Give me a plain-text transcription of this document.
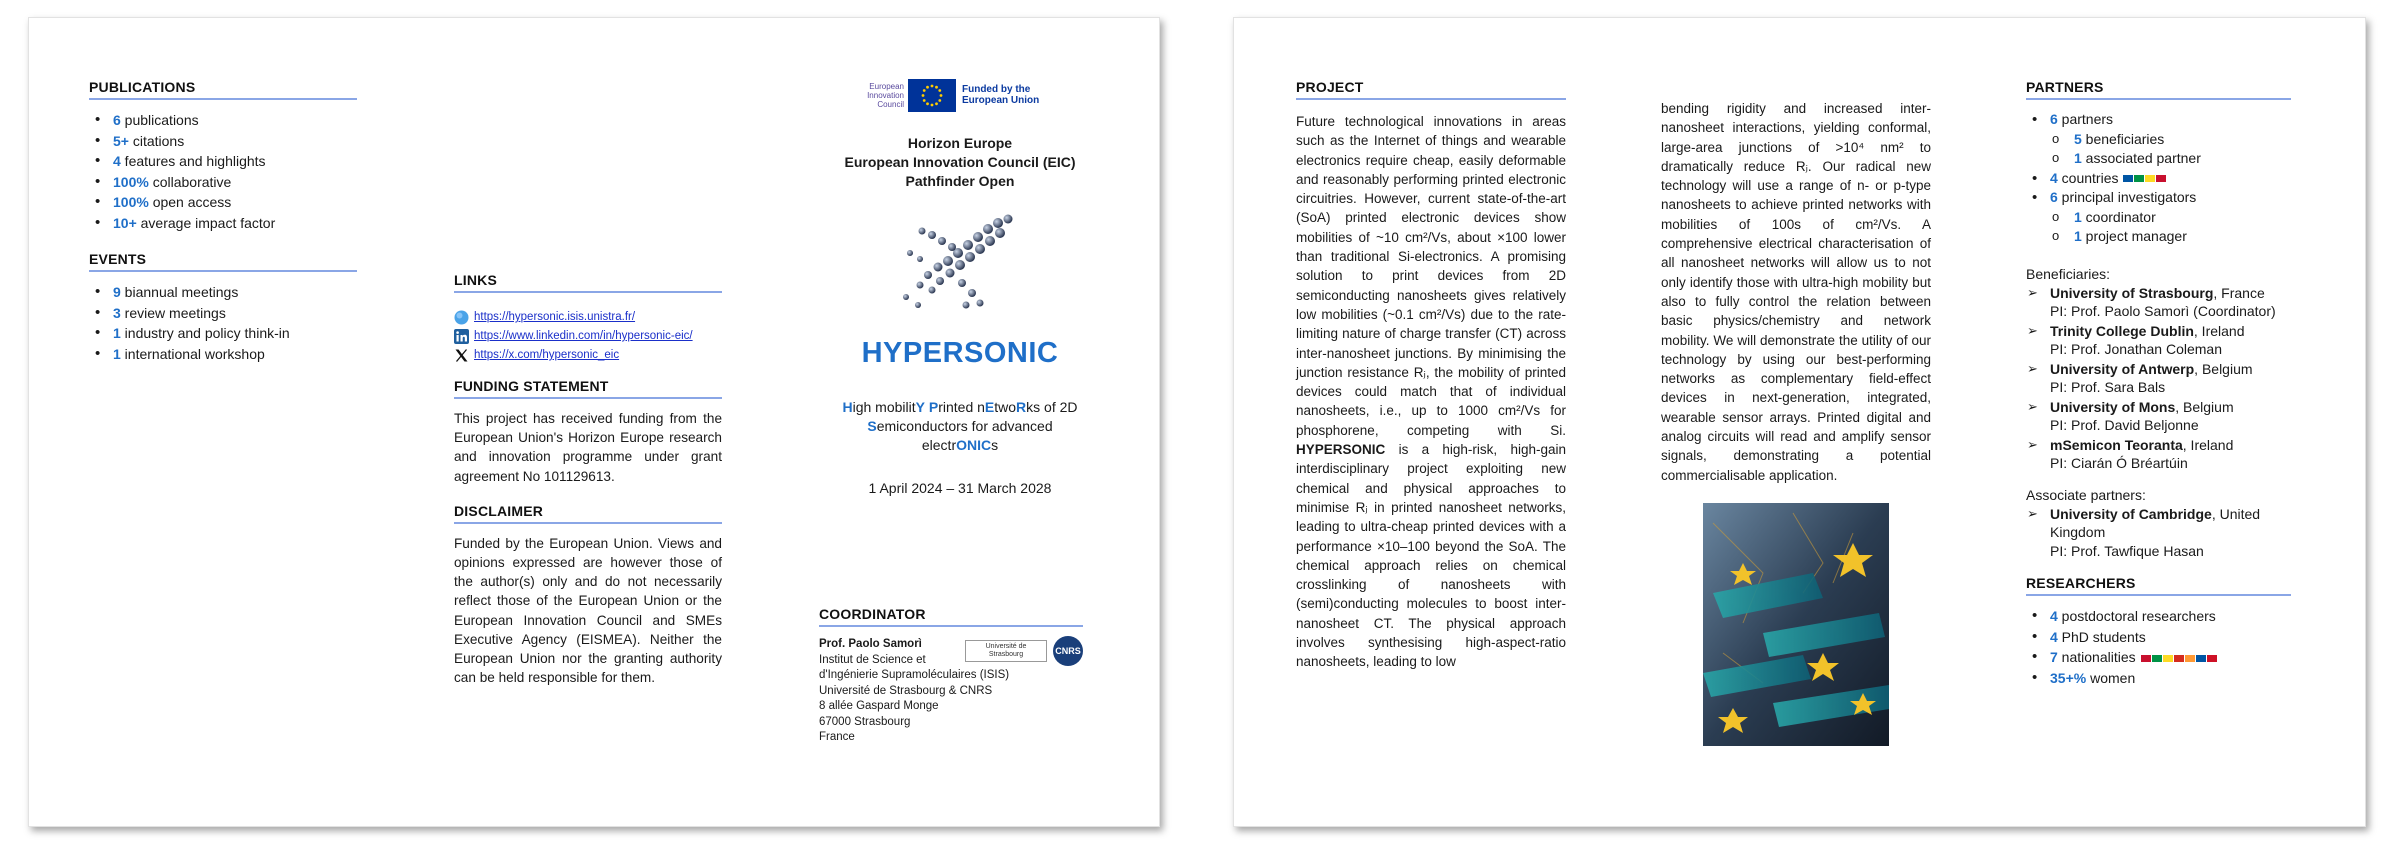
PUBLICATIONS
• 6 publications
• 5+ citations
• 4 features and highlights
• 100% collaborative
• 100% open access
• 10+ average impact factor
EVENTS
• 9 biannual meetings
• 3 review meetings
• 1 industry and policy think-in
• 1 international workshop
LINKS
https://hypersonic.isis.unistra.fr/
https://www.linkedin.com/in/hypersonic-eic/
https://x.com/hypersonic_eic
FUNDING STATEMENT

This project has received funding from the European Union's Horizon Europe research and innovation programme under grant agreement No 101129613.

DISCLAIMER

Funded by the European Union. Views and opinions expressed are however those of the author(s) only and do not necessarily reflect those of the European Union or the European Innovation Council and SMEs Executive Agency (EISMEA). Neither the European Union nor the granting authority can be held responsible for them.

European Innovation Council
Funded by the European Union
Horizon Europe
European Innovation Council (EIC)
Pathfinder Open
HYPERSONIC
High mobilitY Printed nEtwoRks of 2D
Semiconductors for advanced
electrONICs
1 April 2024 – 31 March 2028
COORDINATOR
Université de Strasbourg	CNRS
Prof. Paolo Samorì
Institut de Science et
d'Ingénierie Supramoléculaires (ISIS)
Université de Strasbourg & CNRS
8 allée Gaspard Monge
67000 Strasbourg
France
PROJECT

Future technological innovations in areas such as the Internet of things and wearable electronics require cheap, easily deformable and reasonably performing printed electronic circuitries. However, current state-of-the-art (SoA) printed electronic devices show mobilities of ~10 cm²/Vs, about ×100 lower than traditional Si-electronics. A promising solution to print devices from 2D semiconducting nanosheets gives relatively low mobilities (~0.1 cm²/Vs) due to the rate-limiting nature of charge transfer (CT) across inter-nanosheet junctions. By minimising the junction resistance Rⱼ, the mobility of printed devices could match that of individual nanosheets, i.e., up to 1000 cm²/Vs for phosphorene, competing with Si. HYPERSONIC is a high-risk, high-gain interdisciplinary project exploiting new chemical and physical approaches to minimise Rⱼ in printed nanosheet networks, leading to ultra-cheap printed devices with a performance ×10–100 beyond the SoA. The chemical approach relies on chemical crosslinking of nanosheets with (semi)conducting molecules to boost inter-nanosheet CT. The physical approach involves synthesising high-aspect-ratio nanosheets, leading to low

bending rigidity and increased inter-nanosheet interactions, yielding conformal, large-area junctions of >10⁴ nm² to dramatically reduce Rⱼ. Our radical new technology will use a range of n- or p-type nanosheets to achieve printed networks with mobilities of 100s of cm²/Vs. A comprehensive electrical characterisation of all nanosheet networks will allow us to not only identify those with ultra-high mobility but also to fully control the relation between basic physics/chemistry and network mobility. We will demonstrate the utility of our technology by using our best-performing networks as complementary field-effect devices in next-generation, integrated, wearable sensor arrays. Printed digital and analog circuits will read and amplify sensor signals, demonstrating a potential commercialisable application.

PARTNERS
• 6 partners
o 5 beneficiaries
o 1 associated partner
• 4 countries
• 6 principal investigators
o 1 coordinator
o 1 project manager
Beneficiaries:
➢ University of Strasbourg, France
PI: Prof. Paolo Samorì (Coordinator)
➢ Trinity College Dublin, Ireland
PI: Prof. Jonathan Coleman
➢ University of Antwerp, Belgium
PI: Prof. Sara Bals
➢ University of Mons, Belgium
PI: Prof. David Beljonne
➢ mSemicon Teoranta, Ireland
PI: Ciarán Ó Bréartúin
Associate partners:
➢ University of Cambridge, United Kingdom
PI: Prof. Tawfique Hasan
RESEARCHERS
• 4 postdoctoral researchers
• 4 PhD students
• 7 nationalities
• 35+% women
